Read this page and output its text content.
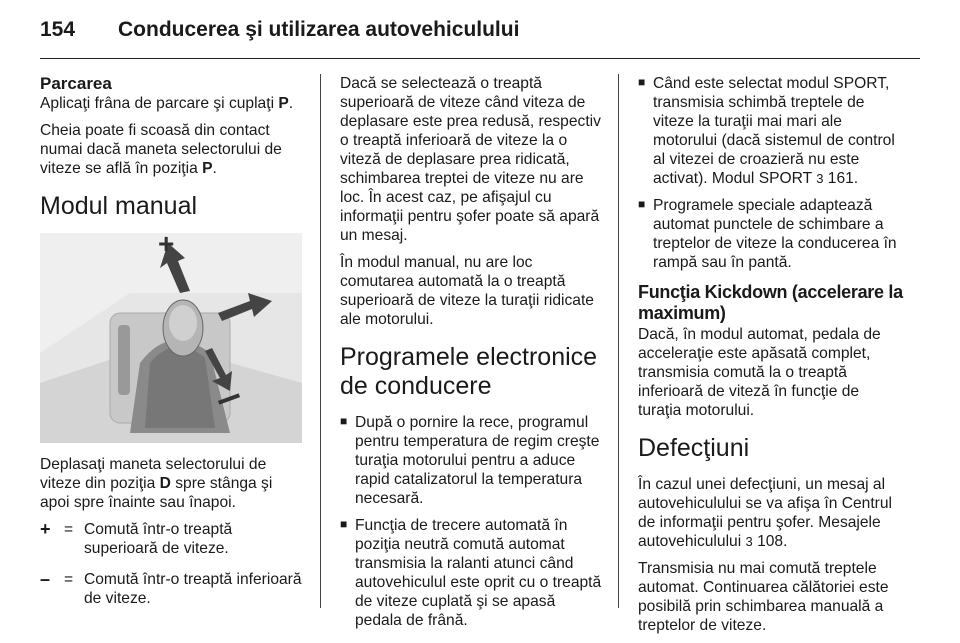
154 Conducerea şi utilizarea autovehiculului
Parcarea

Aplicaţi frâna de parcare şi cuplaţi P.

Cheia poate fi scoasă din contact numai dacă maneta selectorului de viteze se află în poziţia P.

Modul manual
+

Deplasaţi maneta selectorului de viteze din poziţia D spre stânga şi apoi spre înainte sau înapoi.

+ = Comută într-o treaptă superioară de viteze.
– = Comută într-o treaptă inferioară de viteze.

Dacă se selectează o treaptă superioară de viteze când viteza de deplasare este prea redusă, respectiv o treaptă inferioară de viteze la o viteză de deplasare prea ridicată, schimbarea treptei de viteze nu are loc. În acest caz, pe afişajul cu informaţii pentru şofer poate să apară un mesaj.

În modul manual, nu are loc comutarea automată la o treaptă superioară de viteze la turaţii ridicate ale motorului.

Programele electronice de conducere
■ După o pornire la rece, programul pentru temperatura de regim creşte turaţia motorului pentru a aduce rapid catalizatorul la temperatura necesară.
■ Funcţia de trecere automată în poziţia neutră comută automat transmisia la ralanti atunci când autovehiculul este oprit cu o treaptă de viteze cuplată şi se apasă pedala de frână.
■ Când este selectat modul SPORT, transmisia schimbă treptele de viteze la turaţii mai mari ale motorului (dacă sistemul de control al vitezei de croazieră nu este activat). Modul SPORT 3 161.
■ Programele speciale adaptează automat punctele de schimbare a treptelor de viteze la conducerea în rampă sau în pantă.
Funcţia Kickdown (accelerare la maximum)

Dacă, în modul automat, pedala de acceleraţie este apăsată complet, transmisia comută la o treaptă inferioară de viteză în funcţie de turaţia motorului.

Defecţiuni

În cazul unei defecţiuni, un mesaj al autovehiculului se va afişa în Centrul de informaţii pentru şofer. Mesajele autovehiculului 3 108.

Transmisia nu mai comută treptele automat. Continuarea călătoriei este posibilă prin schimbarea manuală a treptelor de viteze.
